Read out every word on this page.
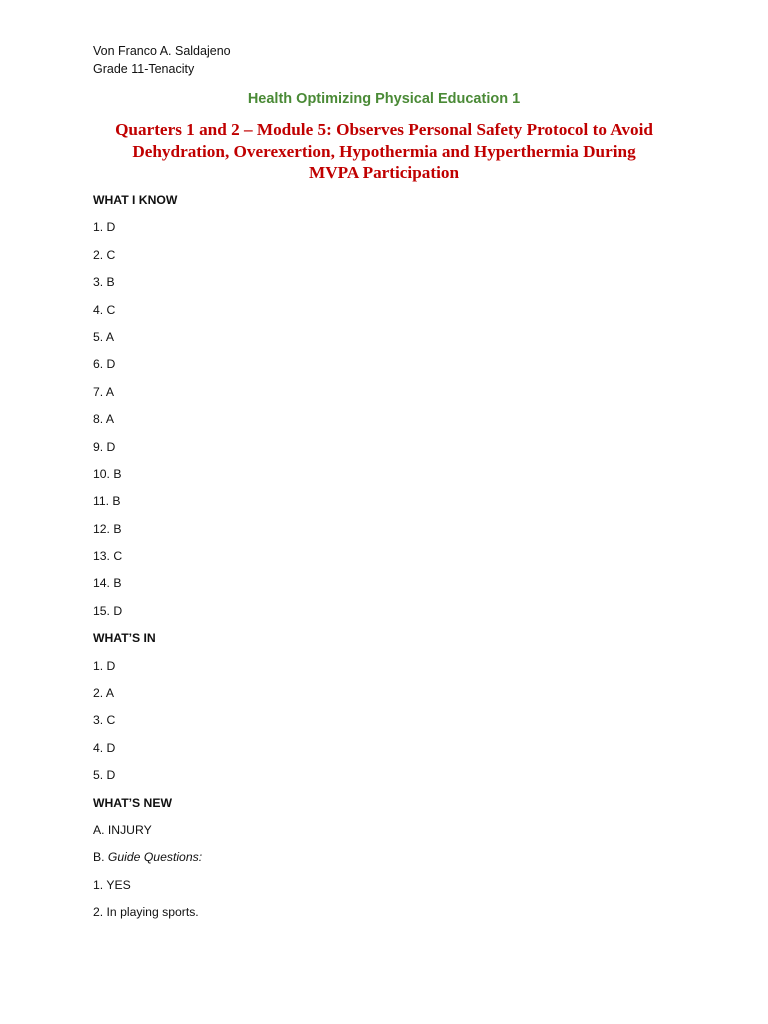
Von Franco A. Saldajeno
Grade 11-Tenacity
Health Optimizing Physical Education 1
Quarters 1 and 2 – Module 5: Observes Personal Safety Protocol to Avoid
Dehydration, Overexertion, Hypothermia and Hyperthermia During
MVPA Participation
WHAT I KNOW
1. D
2. C
3. B
4. C
5. A
6. D
7. A
8. A
9. D
10. B
11. B
12. B
13. C
14. B
15. D
WHAT’S IN
1. D
2. A
3. C
4. D
5. D
WHAT’S NEW
A. INJURY
B. Guide Questions:
1. YES
2. In playing sports.
